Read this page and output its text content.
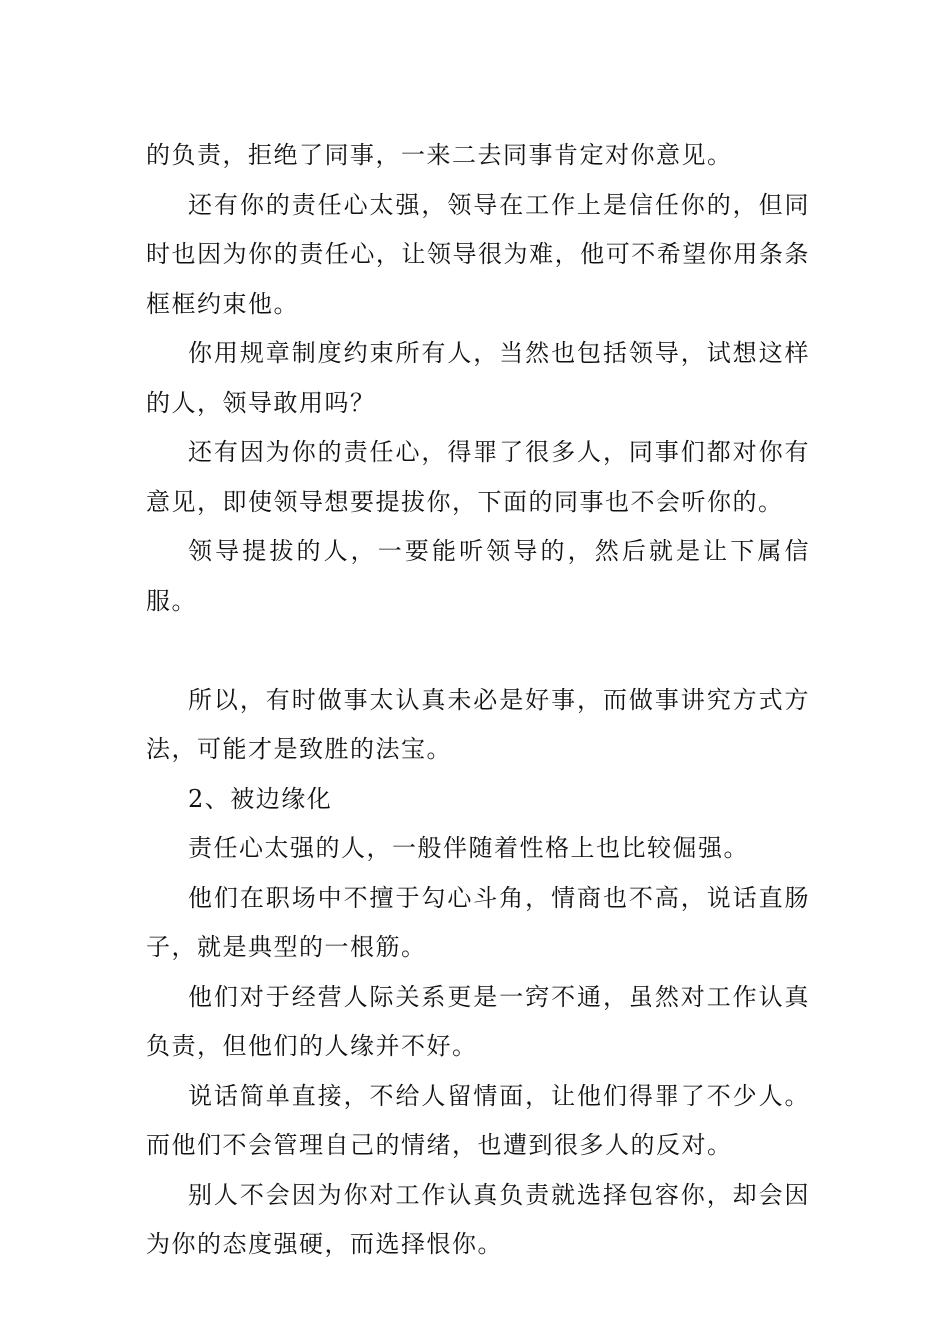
的负责，拒绝了同事，一来二去同事肯定对你意见。

还有你的责任心太强，领导在工作上是信任你的，但同时也因为你的责任心，让领导很为难，他可不希望你用条条框框约束他。

你用规章制度约束所有人，当然也包括领导，试想这样的人，领导敢用吗？

还有因为你的责任心，得罪了很多人，同事们都对你有意见，即使领导想要提拔你，下面的同事也不会听你的。

领导提拔的人，一要能听领导的，然后就是让下属信服。

所以，有时做事太认真未必是好事，而做事讲究方式方法，可能才是致胜的法宝。

2、被边缘化

责任心太强的人，一般伴随着性格上也比较倔强。

他们在职场中不擅于勾心斗角，情商也不高，说话直肠子，就是典型的一根筋。

他们对于经营人际关系更是一窍不通，虽然对工作认真负责，但他们的人缘并不好。

说话简单直接，不给人留情面，让他们得罪了不少人。而他们不会管理自己的情绪，也遭到很多人的反对。

别人不会因为你对工作认真负责就选择包容你，却会因为你的态度强硬，而选择恨你。
